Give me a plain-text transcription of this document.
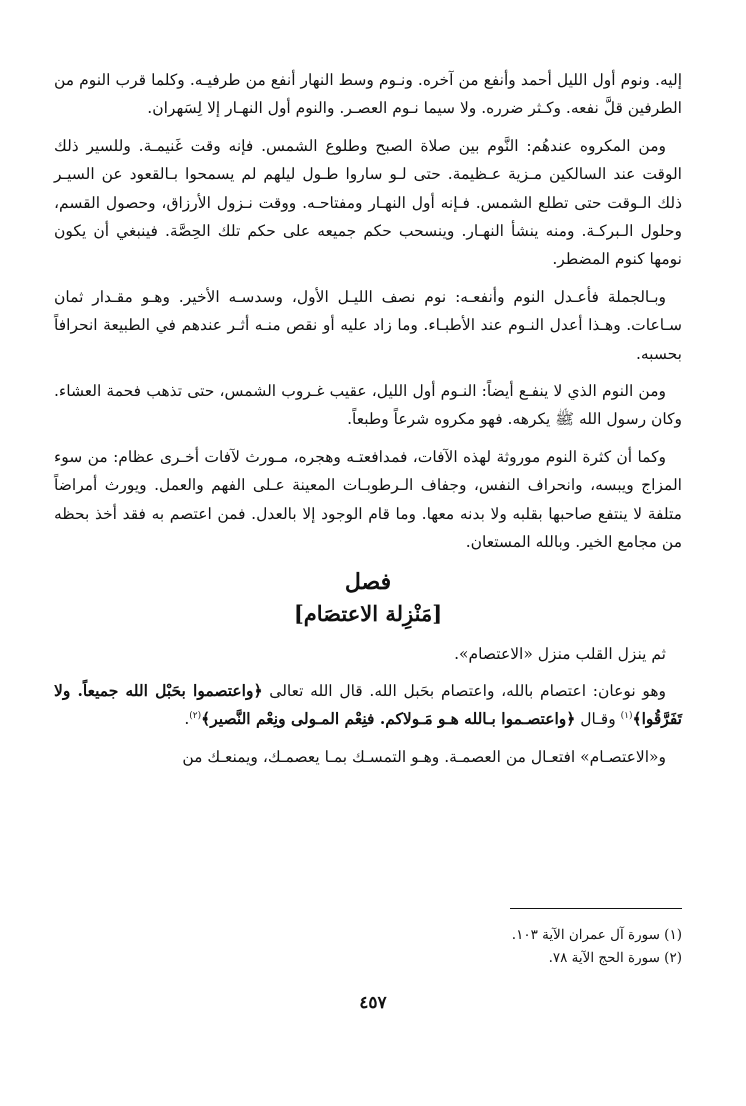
إليه. ونوم أول الليل أحمد وأنفع من آخره. ونـوم وسط النهار أنفع من طرفيـه. وكلما قرب النوم من الطرفين قلَّ نفعه. وكـثر ضرره. ولا سيما نـوم العصـر. والنوم أول النهـار إلا لِسَهران.

ومن المكروه عندهُم: النَّوم بين صلاة الصبح وطلوع الشمس. فإنه وقت غَنيمـة. وللسير ذلك الوقت عند السالكين مـزية عـظيمة. حتى لـو ساروا طـول ليلهم لم يسمحوا بـالقعود عن السيـر ذلك الـوقت حتى تطلع الشمس. فـإنه أول النهـار ومفتاحـه. ووقت نـزول الأرزاق، وحصول القسم، وحلول الـبركـة. ومنه ينشأ النهـار. وينسحب حكم جميعه على حكم تلك الحِصَّة. فينبغي أن يكون نومها كنوم المضطر.

وبـالجملة فأعـدل النوم وأنفعـه: نوم نصف الليـل الأول، وسدسـه الأخير. وهـو مقـدار ثمان سـاعات. وهـذا أعدل النـوم عند الأطبـاء. وما زاد عليه أو نقص منـه أثـر عندهم في الطبيعة انحرافاً بحسبه.

ومن النوم الذي لا ينفـع أيضاً: النـوم أول الليل، عقيب غـروب الشمس، حتى تذهب فحمة العشاء. وكان رسول الله ﷺ يكرهه. فهو مكروه شرعاً وطبعاً.

وكما أن كثرة النوم موروثة لهذه الآفات، فمدافعتـه وهجره، مـورث لآفات أخـرى عظام: من سوء المزاج ويبسه، وانحراف النفس، وجفاف الـرطوبـات المعينة عـلى الفهم والعمل. ويورث أمراضاً متلفة لا ينتفع صاحبها بقلبه ولا بدنه معها. وما قام الوجود إلا بالعدل. فمن اعتصم به فقد أخذ بحظه من مجامع الخير. وبالله المستعان.

فصل
[مَنْزِلة الاعتصَام]

ثم ينزل القلب منزل «الاعتصام».

وهو نوعان: اعتصام بالله، واعتصام بحَبل الله. قال الله تعالى ﴿واعتصموا بحَبْل الله جميعاً. ولا تَفَرَّقُوا﴾$^{(١)}$ وقـال ﴿واعتصـموا بـالله هـو مَـولاكم. فنِعْم المـولى ونِعْم النَّصير﴾$^{(٢)}$.

و«الاعتصـام» افتعـال من العصمـة. وهـو التمسـك بمـا يعصمـك، ويمنعـك من

(١) سورة آل عمران الآية ١٠٣.
(٢) سورة الحج الآية ٧٨.
٤٥٧
